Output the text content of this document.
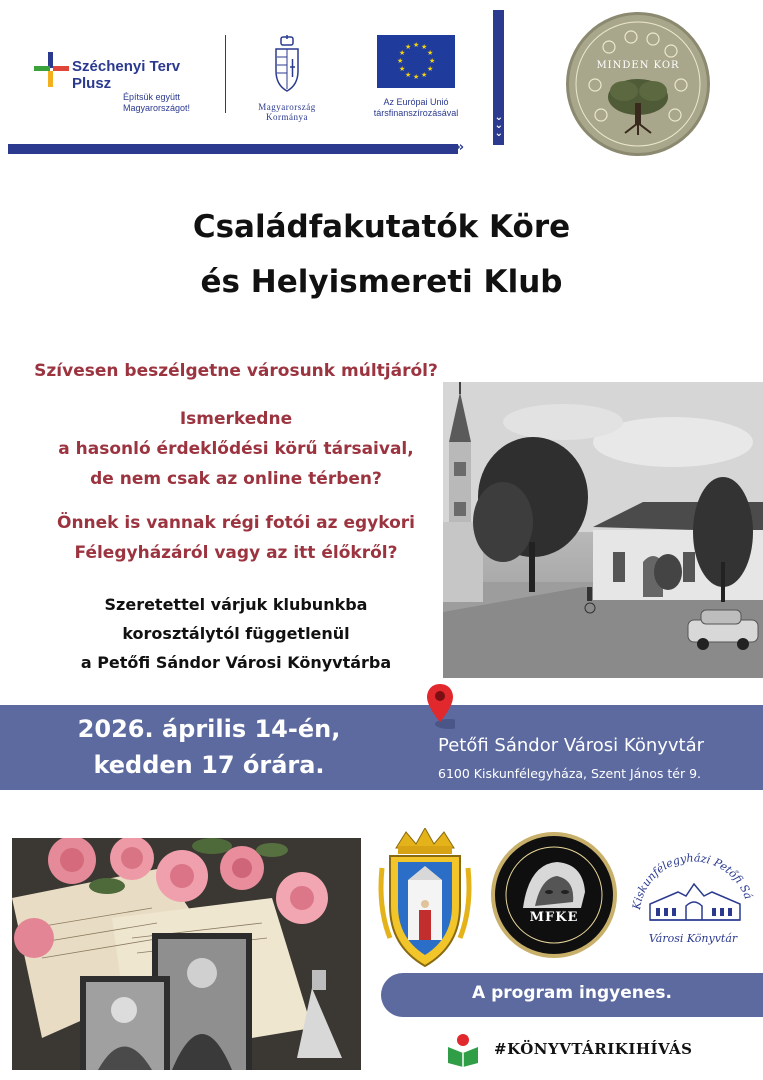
⌄
⌄
⌄
›››
Széchenyi Terv Plusz
Építsük együtt
Magyarországot!	Magyarország
Kormánya
★ ★
★
★
★
★
★
★
★
★
★
★
Az Európai Unió
társfinanszírozásával
MINDEN KOR
Családfakutatók Köre
és Helyismereti Klub
Szívesen beszélgetne városunk múltjáról?
Ismerkedne
a hasonló érdeklődési körű társaival,
de nem csak az online térben?
Önnek is vannak régi fotói az egykori
Félegyházáról vagy az itt élőkről?
Szeretettel várjuk klubunkba
korosztálytól függetlenül
a Petőfi Sándor Városi Könyvtárba
2026. április 14-én,
kedden 17 órára.
Petőfi Sándor Városi Könyvtár
6100 Kiskunfélegyháza, Szent János tér 9.
MFKE
Kiskunfélegyházi Petőfi Sá
Városi Könyvtár
A program ingyenes.
#KÖNYVTÁRIKIHÍVÁS
